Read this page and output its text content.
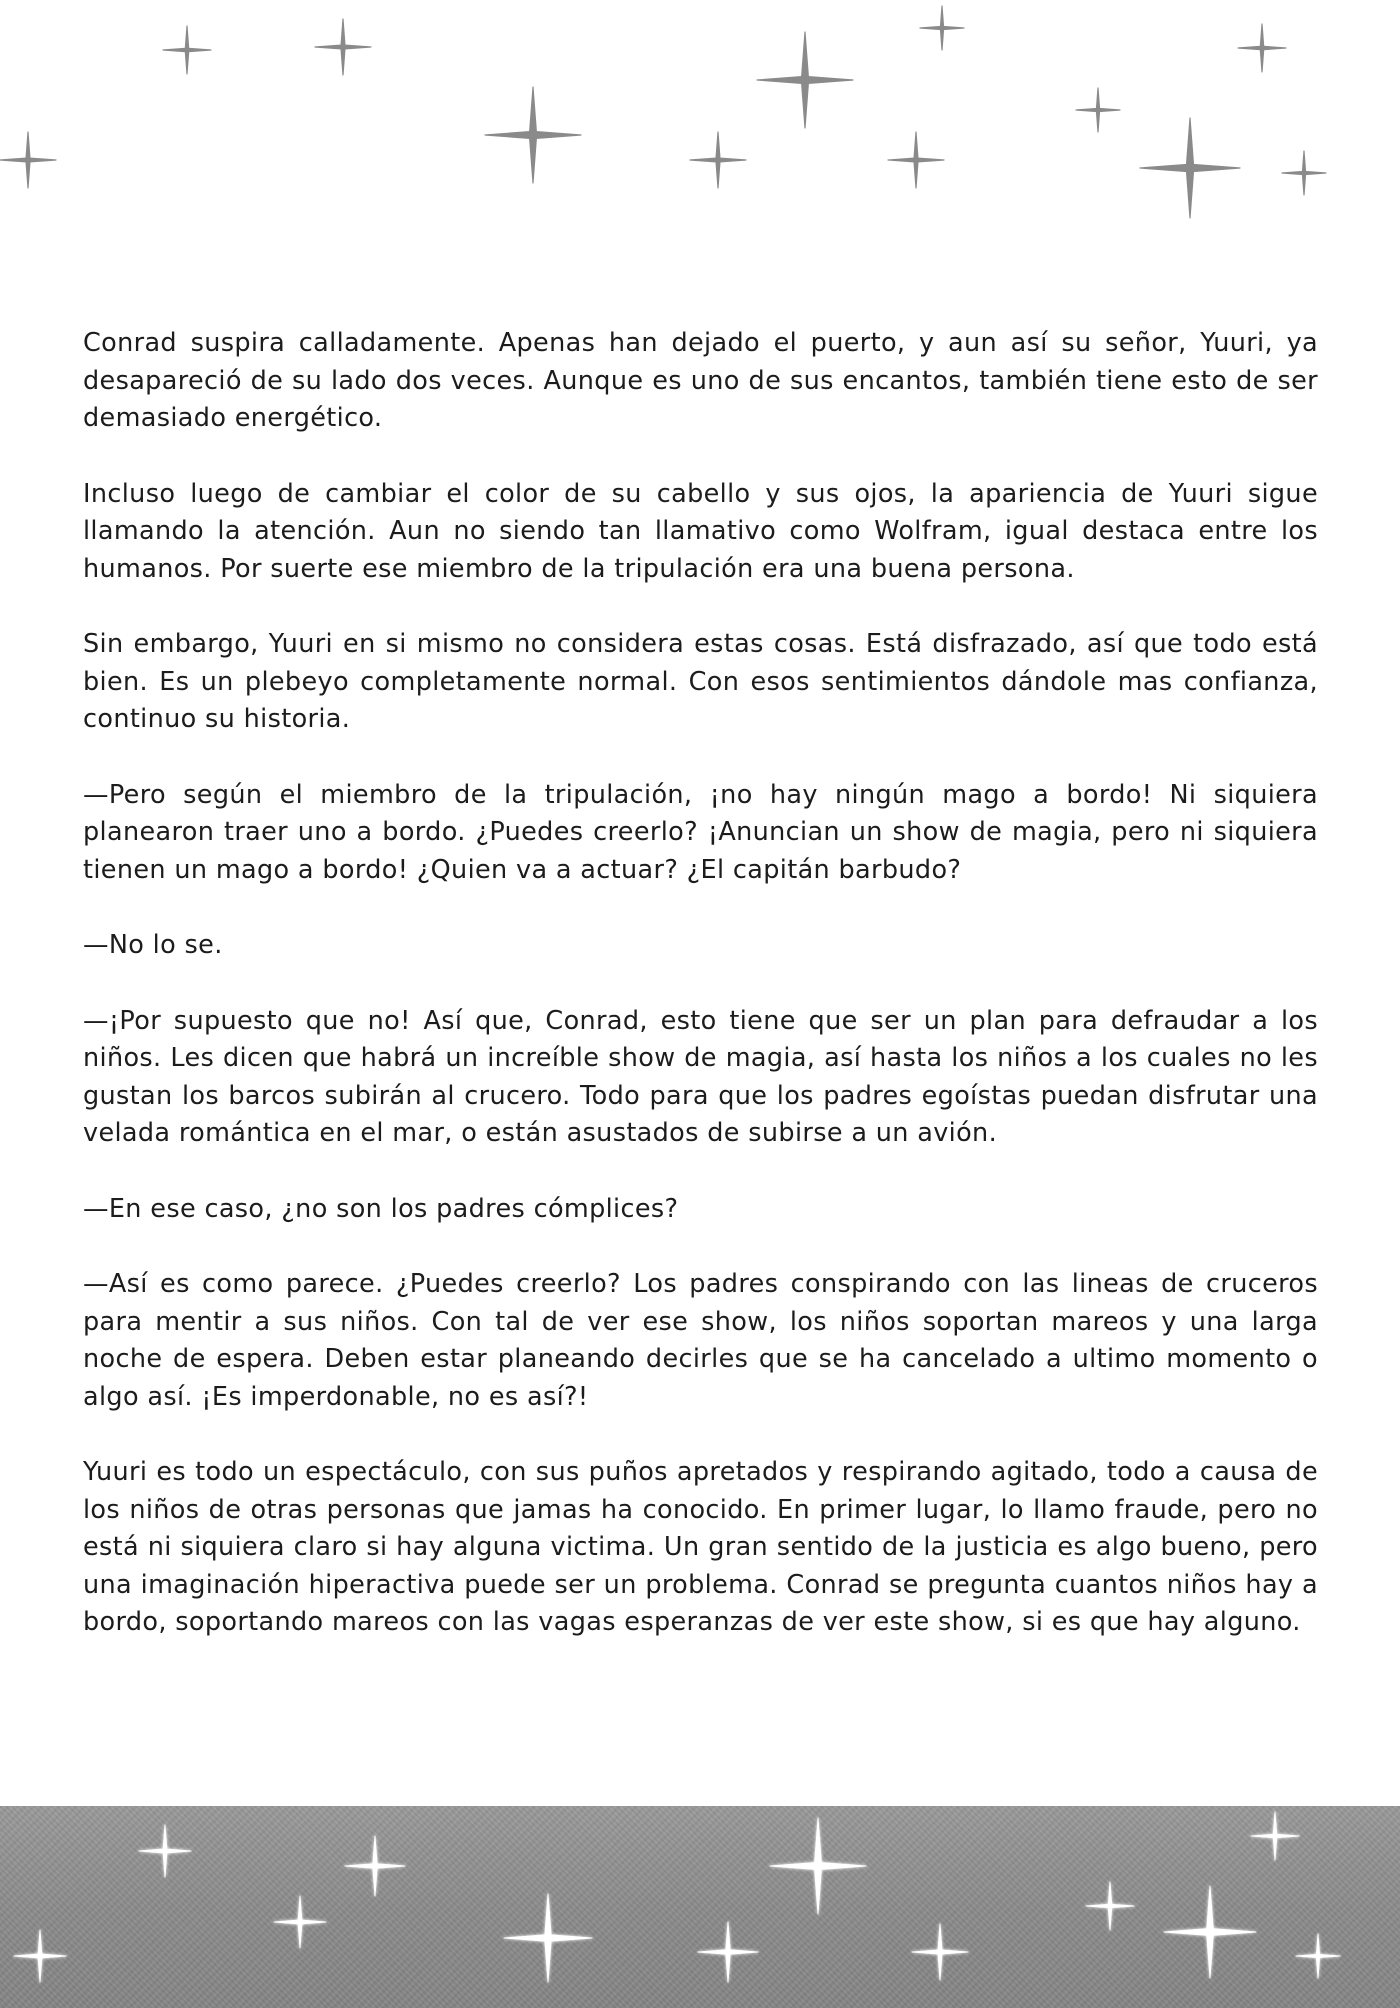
Conrad suspira calladamente. Apenas han dejado el puerto, y aun así su señor, Yuuri, ya desapareció de su lado dos veces. Aunque es uno de sus encantos, también tiene esto de ser demasiado energético.

Incluso luego de cambiar el color de su cabello y sus ojos, la apariencia de Yuuri sigue llamando la atención. Aun no siendo tan llamativo como Wolfram, igual destaca entre los humanos. Por suerte ese miembro de la tripulación era una buena persona.

Sin embargo, Yuuri en si mismo no considera estas cosas. Está disfrazado, así que todo está bien. Es un plebeyo completamente normal. Con esos sentimientos dándole mas confianza, continuo su historia.

—Pero según el miembro de la tripulación, ¡no hay ningún mago a bordo! Ni siquiera planearon traer uno a bordo. ¿Puedes creerlo? ¡Anuncian un show de magia, pero ni siquiera tienen un mago a bordo! ¿Quien va a actuar? ¿El capitán barbudo?

—No lo se.

—¡Por supuesto que no! Así que, Conrad, esto tiene que ser un plan para defraudar a los niños. Les dicen que habrá un increíble show de magia, así hasta los niños a los cuales no les gustan los barcos subirán al crucero. Todo para que los padres egoístas puedan disfrutar una velada romántica en el mar, o están asustados de subirse a un avión.

—En ese caso, ¿no son los padres cómplices?

—Así es como parece. ¿Puedes creerlo? Los padres conspirando con las lineas de cruceros para mentir a sus niños. Con tal de ver ese show, los niños soportan mareos y una larga noche de espera. Deben estar planeando decirles que se ha cancelado a ultimo momento o algo así. ¡Es imperdonable, no es así?!

Yuuri es todo un espectáculo, con sus puños apretados y respirando agitado, todo a causa de los niños de otras personas que jamas ha conocido. En primer lugar, lo llamo fraude, pero no está ni siquiera claro si hay alguna victima. Un gran sentido de la justicia es algo bueno, pero una imaginación hiperactiva puede ser un problema. Conrad se pregunta cuantos niños hay a bordo, soportando mareos con las vagas esperanzas de ver este show, si es que hay alguno.
